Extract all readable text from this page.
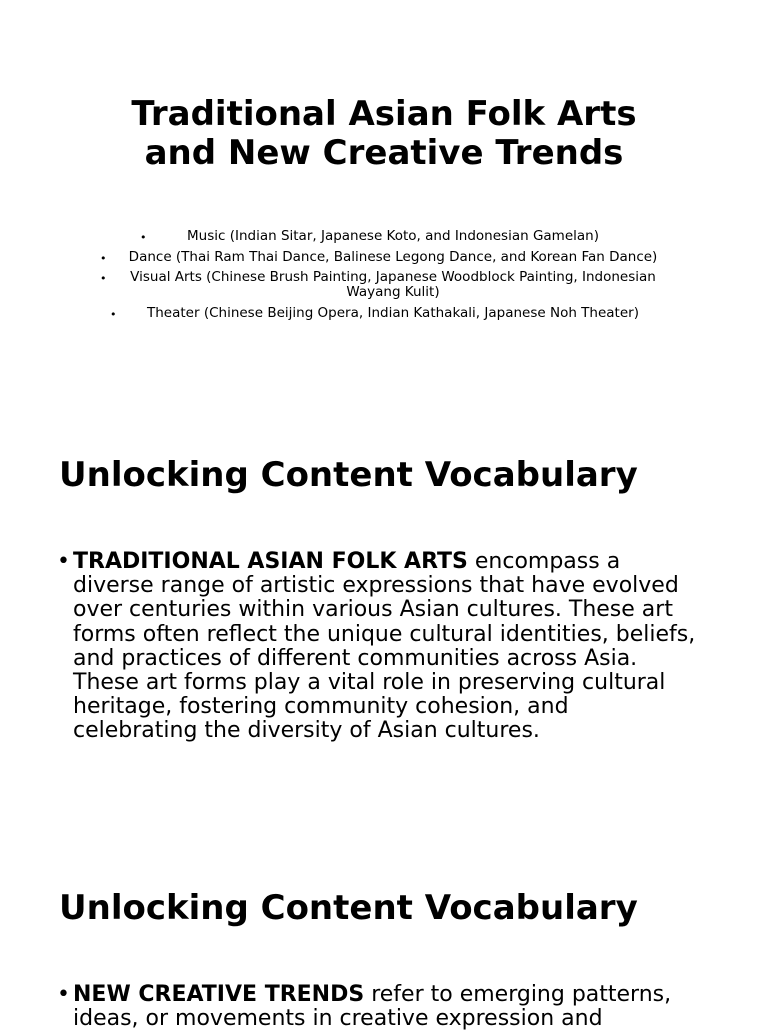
Traditional Asian Folk Arts
and New Creative Trends
•	Music (Indian Sitar, Japanese Koto, and Indonesian Gamelan)
• Dance (Thai Ram Thai Dance, Balinese Legong Dance, and Korean Fan Dance)
• Visual Arts (Chinese Brush Painting, Japanese Woodblock Painting, Indonesian
Wayang Kulit)
• Theater (Chinese Beijing Opera, Indian Kathakali, Japanese Noh Theater)
Unlocking Content Vocabulary

• TRADITIONAL ASIAN FOLK ARTS encompass a
diverse range of artistic expressions that have evolved
over centuries within various Asian cultures. These art
forms often reflect the unique cultural identities, beliefs,
and practices of different communities across Asia.
These art forms play a vital role in preserving cultural
heritage, fostering community cohesion, and
celebrating the diversity of Asian cultures.

Unlocking Content Vocabulary

• NEW CREATIVE TRENDS refer to emerging patterns,
ideas, or movements in creative expression and
